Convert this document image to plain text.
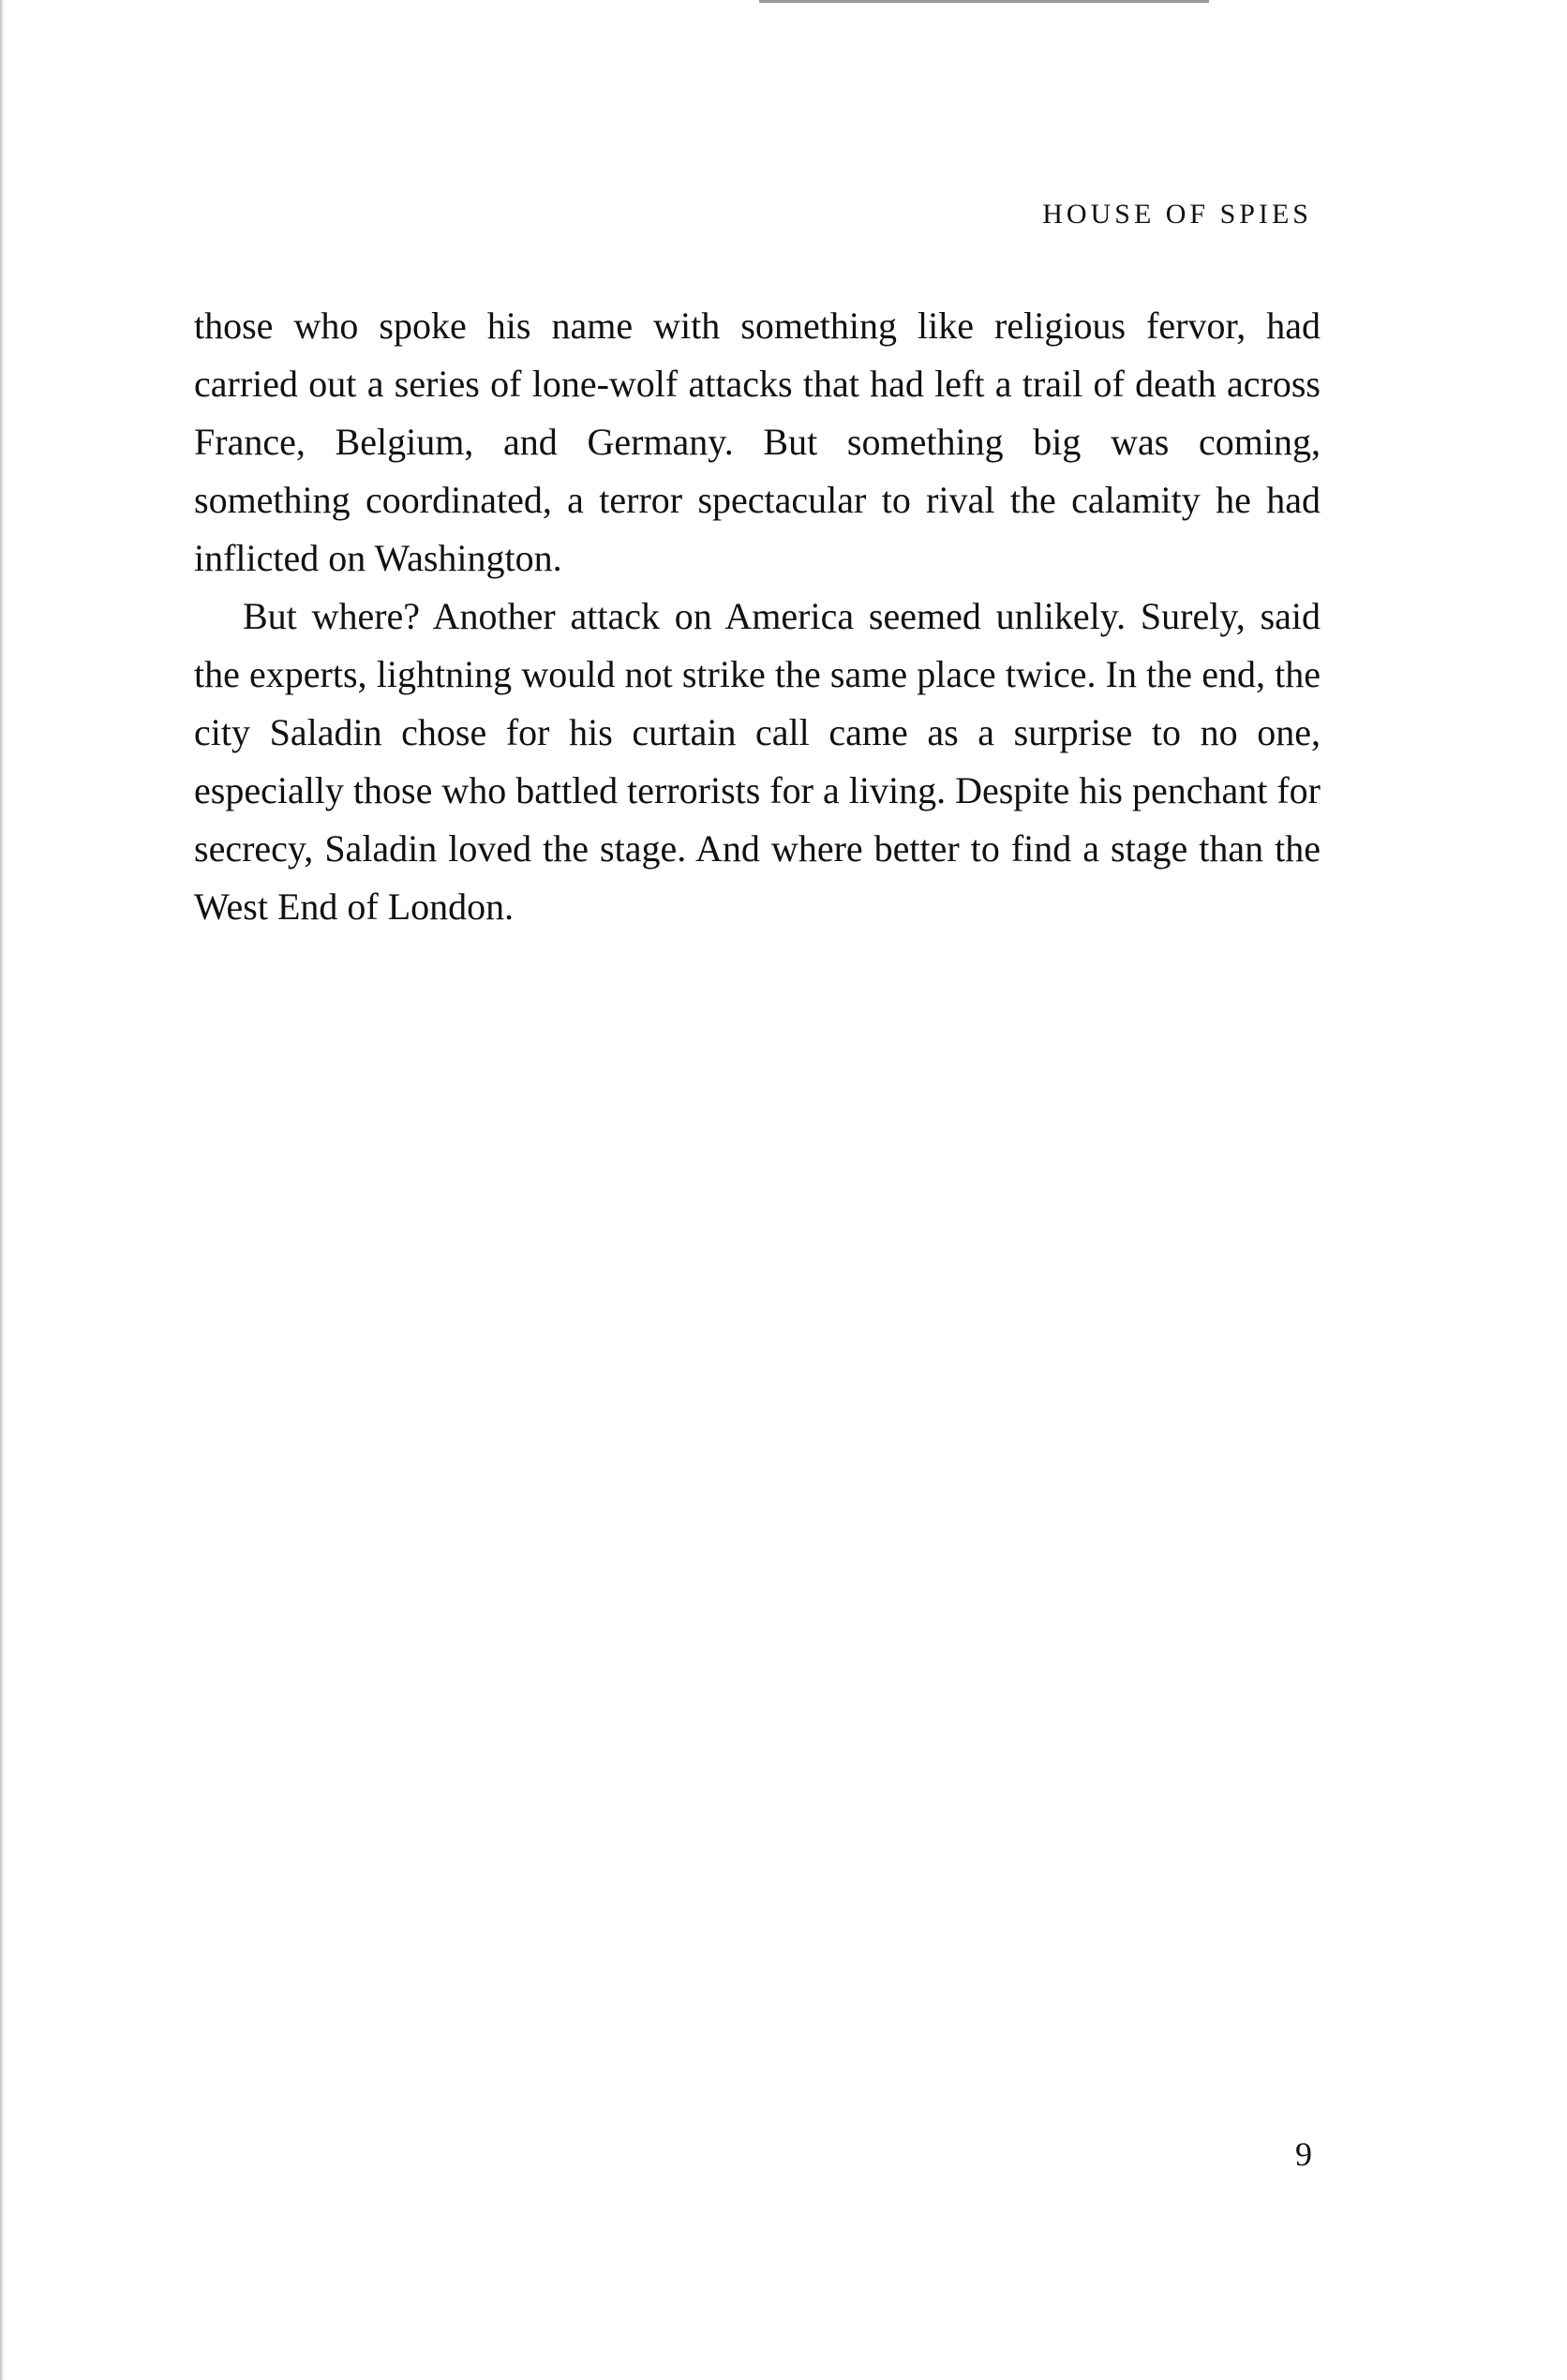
HOUSE OF SPIES

those who spoke his name with something like religious fervor, had carried out a series of lone-wolf attacks that had left a trail of death across France, Belgium, and Germany. But something big was coming, something coordinated, a terror spectacular to rival the calamity he had inflicted on Washington.

But where? Another attack on America seemed unlikely. Surely, said the experts, lightning would not strike the same place twice. In the end, the city Saladin chose for his curtain call came as a surprise to no one, especially those who battled terrorists for a living. Despite his penchant for secrecy, Saladin loved the stage. And where better to find a stage than the West End of London.

9
